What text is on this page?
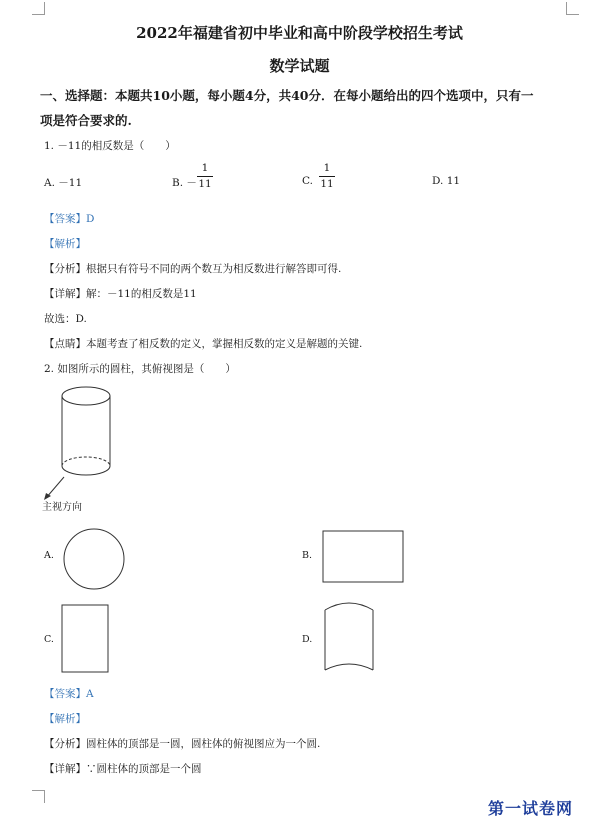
2022年福建省初中毕业和高中阶段学校招生考试
数学试题
一、选择题：本题共10小题，每小题4分，共40分．在每小题给出的四个选项中，只有一
项是符合要求的.
1. －11的相反数是（　　）
A. －11	B. －
1
11	C.
1
11	D. 11
【答案】D
【解析】
【分析】根据只有符号不同的两个数互为相反数进行解答即可得.
【详解】解：－11的相反数是11
故选：D.
【点睛】本题考查了相反数的定义，掌握相反数的定义是解题的关键.
2. 如图所示的圆柱，其俯视图是（　　）
主视方向
A.	B.
C.	D.
【答案】A
【解析】
【分析】圆柱体的顶部是一圆，圆柱体的俯视图应为一个圆.
【详解】∵圆柱体的顶部是一个圆
第一试卷网
